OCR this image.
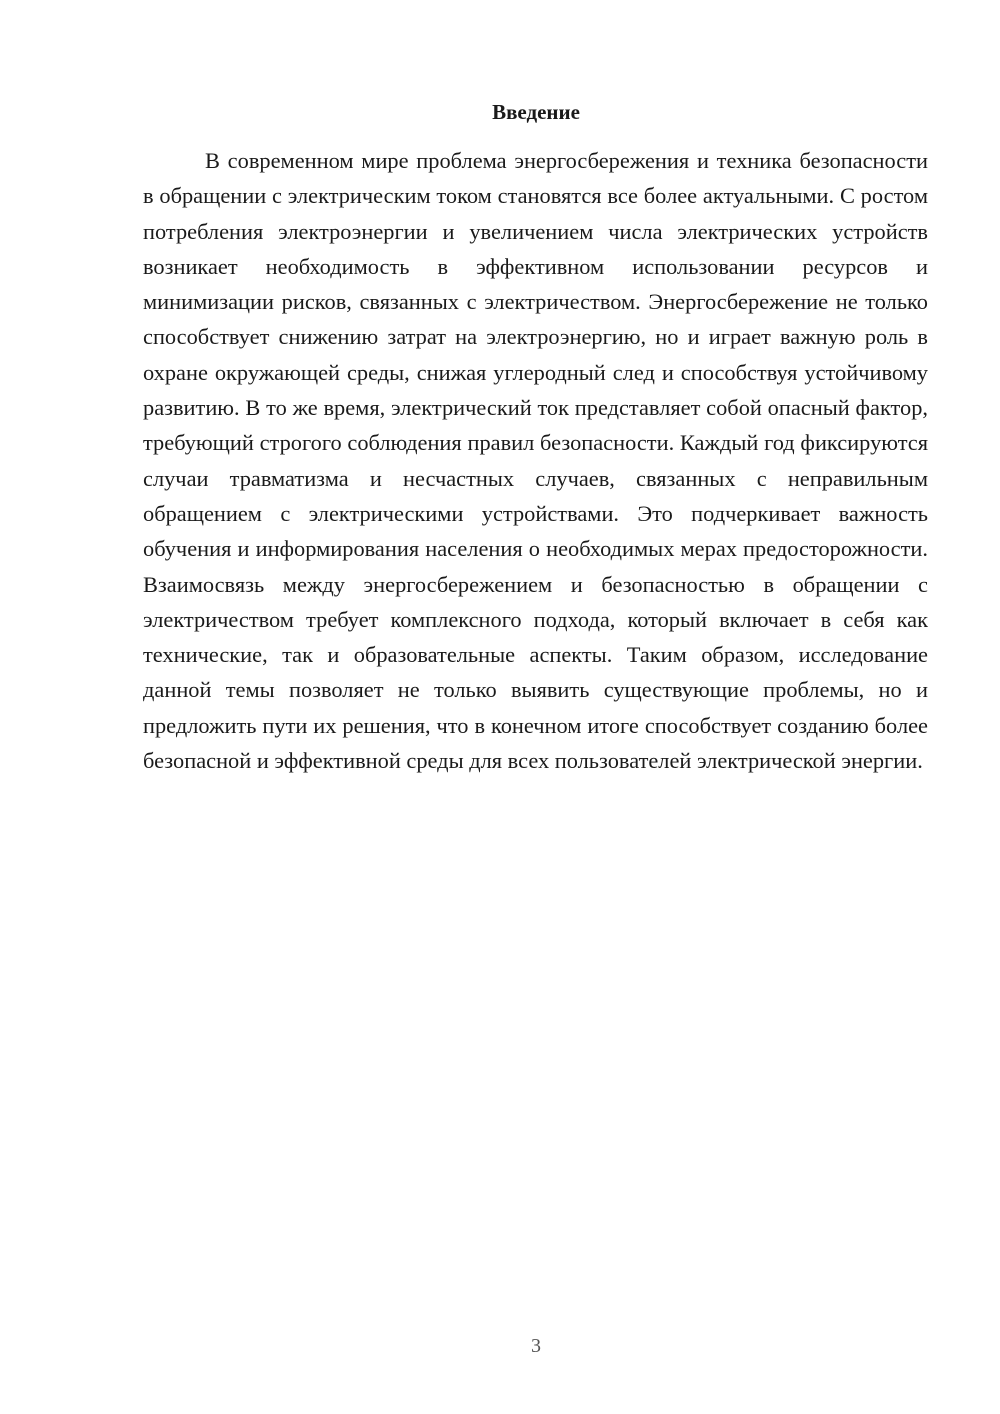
Введение

В современном мире проблема энергосбережения и техника безопасности в обращении с электрическим током становятся все более актуальными. С ростом потребления электроэнергии и увеличением числа электрических устройств возникает необходимость в эффективном использовании ресурсов и минимизации рисков, связанных с электричеством. Энергосбережение не только способствует снижению затрат на электроэнергию, но и играет важную роль в охране окружающей среды, снижая углеродный след и способствуя устойчивому развитию. В то же время, электрический ток представляет собой опасный фактор, требующий строгого соблюдения правил безопасности. Каждый год фиксируются случаи травматизма и несчастных случаев, связанных с неправильным обращением с электрическими устройствами. Это подчеркивает важность обучения и информирования населения о необходимых мерах предосторожности. Взаимосвязь между энергосбережением и безопасностью в обращении с электричеством требует комплексного подхода, который включает в себя как технические, так и образовательные аспекты. Таким образом, исследование данной темы позволяет не только выявить существующие проблемы, но и предложить пути их решения, что в конечном итоге способствует созданию более безопасной и эффективной среды для всех пользователей электрической энергии.

3
